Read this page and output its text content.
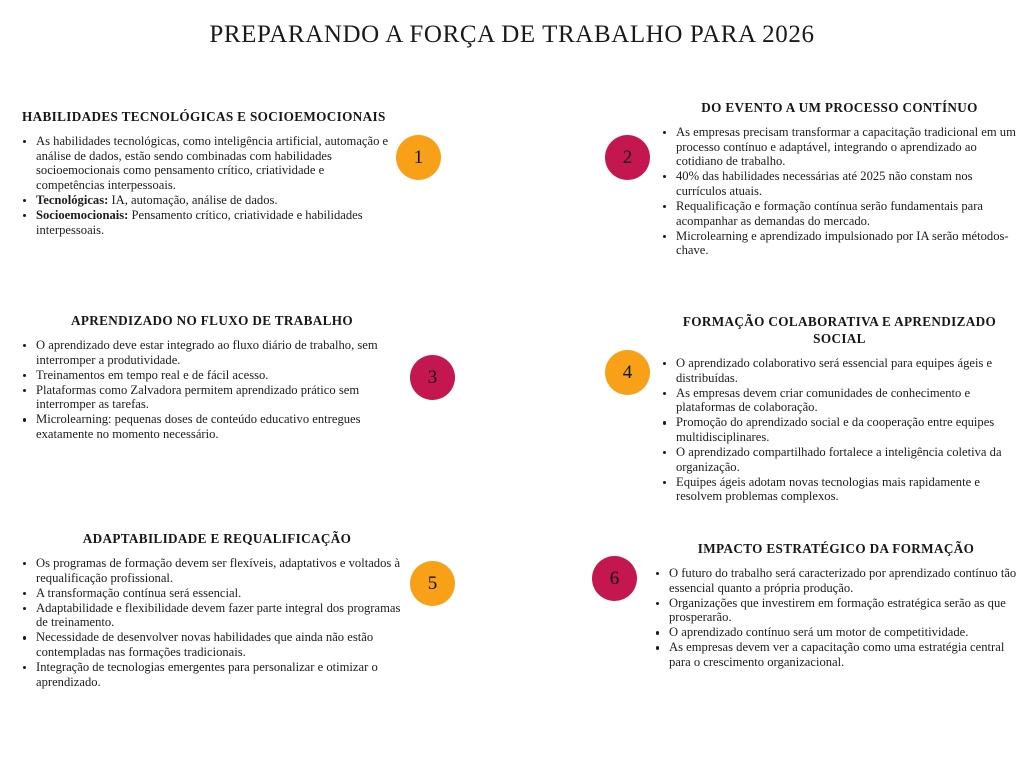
PREPARANDO A FORÇA DE TRABALHO PARA 2026
HABILIDADES TECNOLÓGICAS E SOCIOEMOCIONAIS
As habilidades tecnológicas, como inteligência artificial, automação e análise de dados, estão sendo combinadas com habilidades socioemocionais como pensamento crítico, criatividade e competências interpessoais.
Tecnológicas: IA, automação, análise de dados.
Socioemocionais: Pensamento crítico, criatividade e habilidades interpessoais.
1
DO EVENTO A UM PROCESSO CONTÍNUO
As empresas precisam transformar a capacitação tradicional em um processo contínuo e adaptável, integrando o aprendizado ao cotidiano de trabalho.
40% das habilidades necessárias até 2025 não constam nos currículos atuais.
Requalificação e formação contínua serão fundamentais para acompanhar as demandas do mercado.
Microlearning e aprendizado impulsionado por IA serão métodos-chave.
2
APRENDIZADO NO FLUXO DE TRABALHO
O aprendizado deve estar integrado ao fluxo diário de trabalho, sem interromper a produtividade.
Treinamentos em tempo real e de fácil acesso.
Plataformas como Zalvadora permitem aprendizado prático sem interromper as tarefas.
Microlearning: pequenas doses de conteúdo educativo entregues exatamente no momento necessário.
3
FORMAÇÃO COLABORATIVA E APRENDIZADO SOCIAL
O aprendizado colaborativo será essencial para equipes ágeis e distribuídas.
As empresas devem criar comunidades de conhecimento e plataformas de colaboração.
Promoção do aprendizado social e da cooperação entre equipes multidisciplinares.
O aprendizado compartilhado fortalece a inteligência coletiva da organização.
Equipes ágeis adotam novas tecnologias mais rapidamente e resolvem problemas complexos.
4
ADAPTABILIDADE E REQUALIFICAÇÃO
Os programas de formação devem ser flexíveis, adaptativos e voltados à requalificação profissional.
A transformação contínua será essencial.
Adaptabilidade e flexibilidade devem fazer parte integral dos programas de treinamento.
Necessidade de desenvolver novas habilidades que ainda não estão contempladas nas formações tradicionais.
Integração de tecnologias emergentes para personalizar e otimizar o aprendizado.
5
IMPACTO ESTRATÉGICO DA FORMAÇÃO
O futuro do trabalho será caracterizado por aprendizado contínuo tão essencial quanto a própria produção.
Organizações que investirem em formação estratégica serão as que prosperarão.
O aprendizado contínuo será um motor de competitividade.
As empresas devem ver a capacitação como uma estratégia central para o crescimento organizacional.
6
